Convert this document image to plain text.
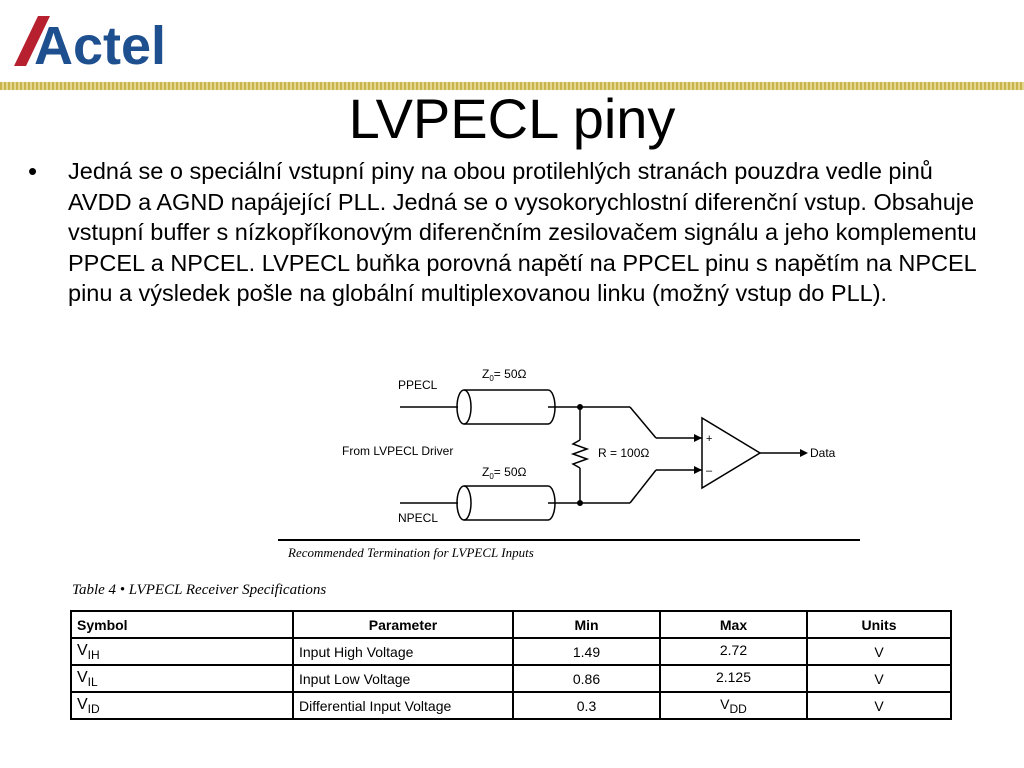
Actel
LVPECL piny
• Jedná se o speciální vstupní piny na obou protilehlých stranách pouzdra vedle pinů AVDD a AGND napájející PLL. Jedná se o vysokorychlostní diferenční vstup. Obsahuje vstupní buffer s nízkopříkonovým diferenčním zesilovačem signálu a jeho komplementu PPCEL a NPCEL. LVPECL buňka porovná napětí na PPCEL pinu s napětím na NPCEL pinu a výsledek pošle na globální multiplexovanou linku (možný vstup do PLL).
PPECL
NPECL
From LVPECL Driver
$Z_0= 50\Omega$
$Z_0= 50\Omega$
R = 100Ω
+
–
Data
Recommended Termination for LVPECL Inputs
Table 4 • LVPECL Receiver Specifications
Symbol	Parameter	Min	Max	Units
VIH	Input High Voltage	1.49	2.72	V
VIL	Input Low Voltage	0.86	2.125	V
VID	Differential Input Voltage	0.3	VDD	V
